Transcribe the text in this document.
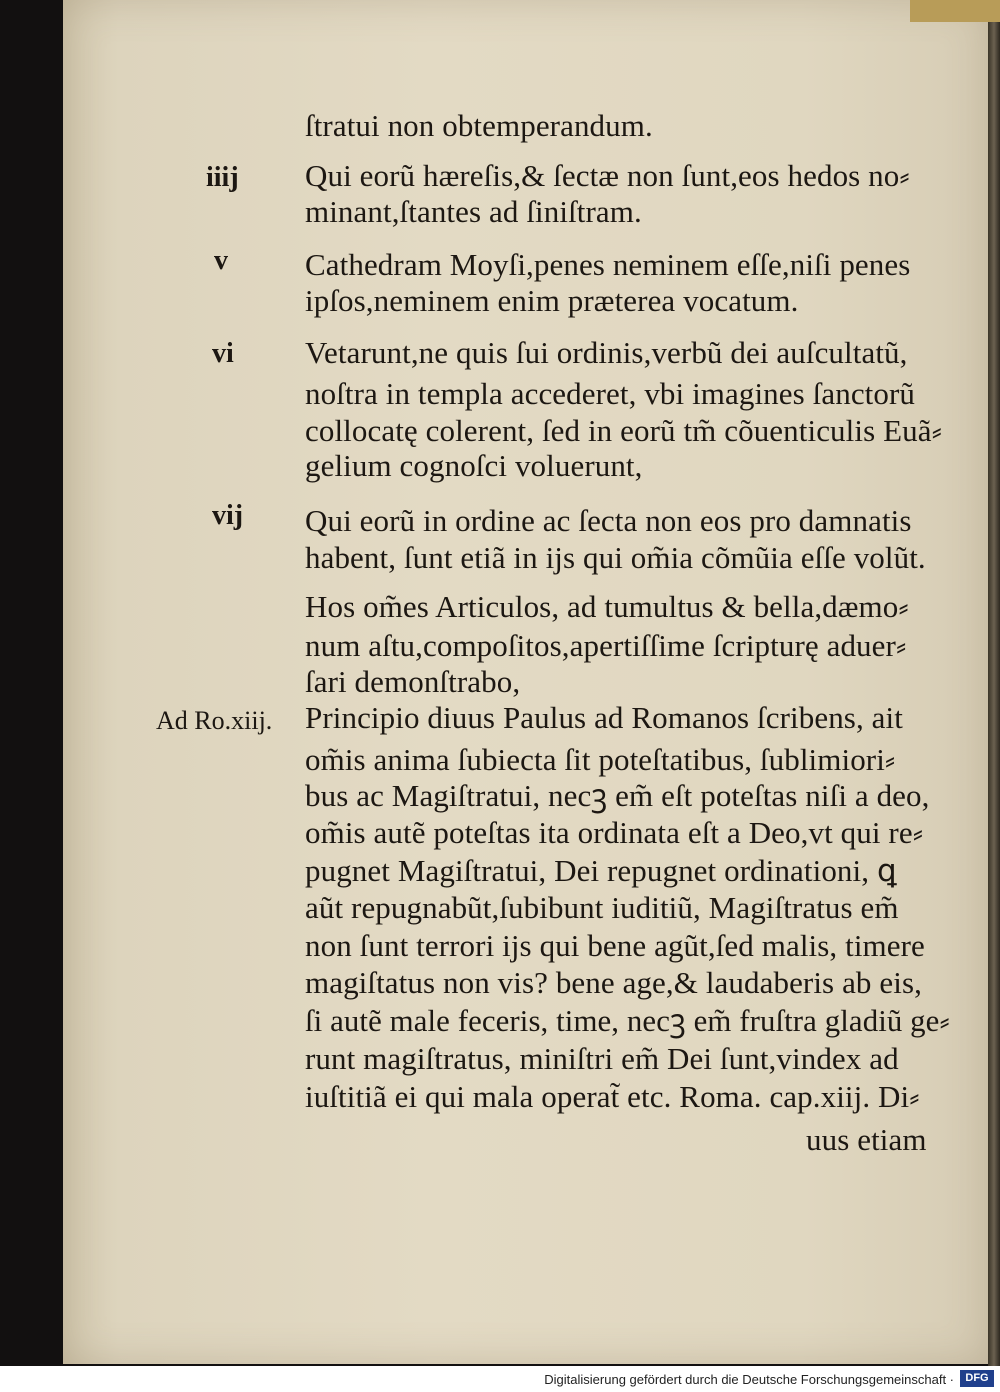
ſtratui non obtemperandum.
Qui eorũ hæreſis,& ſectæ non ſunt,eos hedos no⸗
minant,ſtantes ad ſiniſtram.
Cathedram Moyſi,penes neminem eſſe,niſi penes
ipſos,neminem enim præterea vocatum.
Vetarunt,ne quis ſui ordinis,verbũ dei auſcultatũ,
noſtra in templa accederet, vbi imagines ſanctorũ
collocatę colerent, ſed in eorũ tm̃ cõuenticulis Euã⸗
gelium cognoſci voluerunt,
Qui eorũ in ordine ac ſecta non eos pro damnatis
habent, ſunt etiã in ijs qui om̃ia cõmũia eſſe volũt.
Hos om̃es Articulos, ad tumultus & bella,dæmo⸗
num aſtu,compoſitos,apertiſſime ſcripturę aduer⸗
ſari demonſtrabo,
Principio diuus Paulus ad Romanos ſcribens, ait
om̃is anima ſubiecta ſit poteſtatibus, ſublimiori⸗
bus ac Magiſtratui, necꝫ em̃ eſt poteſtas niſi a deo,
om̃is autẽ poteſtas ita ordinata eſt a Deo,vt qui re⸗
pugnet Magiſtratui, Dei repugnet ordinationi, ꝗ
aũt repugnabũt,ſubibunt iuditiũ, Magiſtratus em̃
non ſunt terrori ijs qui bene agũt,ſed malis, timere
magiſtatus non vis? bene age,& laudaberis ab eis,
ſi autẽ male feceris, time, necꝫ em̃ fruſtra gladiũ ge⸗
runt magiſtratus, miniſtri em̃ Dei ſunt,vindex ad
iuſtitiã ei qui mala operat̃ etc. Roma. cap.xiij. Di⸗
uus etiam
iiij
v
vi
vij
Ad Ro.xiij.
Digitalisierung gefördert durch die Deutsche Forschungsgemeinschaft ·	DFG
